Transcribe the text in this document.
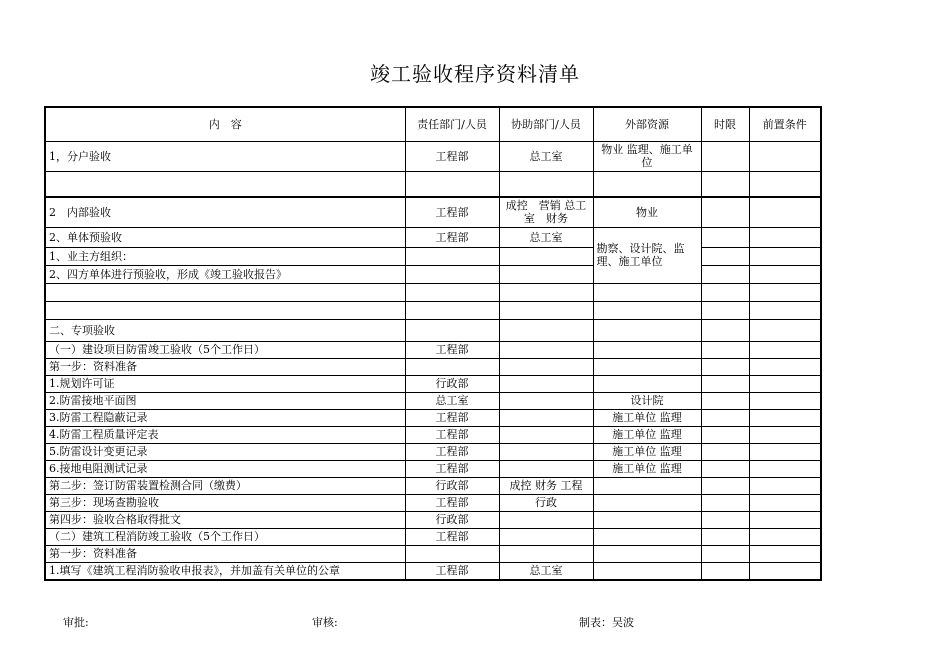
竣工验收程序资料清单
内　容	责任部门/人员	协助部门/人员	外部资源	时限	前置条件
1，分户验收	工程部	总工室	物业 监理、施工单位		

2　内部验收	工程部	成控　营销 总工室　财务	物业		
2、单体预验收	工程部	总工室	勘察、设计院、监理、施工单位		
1、业主方组织：					
2、四方单体进行预验收，形成《竣工验收报告》					

二、专项验收					
（一）建设项目防雷竣工验收（5个工作日）	工程部				
第一步：资料准备					
1.规划许可证	行政部				
2.防雷接地平面图	总工室		设计院		
3.防雷工程隐蔽记录	工程部		施工单位 监理		
4.防雷工程质量评定表	工程部		施工单位 监理		
5.防雷设计变更记录	工程部		施工单位 监理		
6.接地电阻测试记录	工程部		施工单位 监理		
第二步：签订防雷装置检测合同（缴费）	行政部	成控 财务 工程			
第三步：现场查勘验收	工程部	行政			
第四步：验收合格取得批文	行政部				
（二）建筑工程消防竣工验收（5个工作日）	工程部				
第一步：资料准备					
1.填写《建筑工程消防验收申报表》，并加盖有关单位的公章	工程部	总工室			
审批:	审核:	制表：吴波
